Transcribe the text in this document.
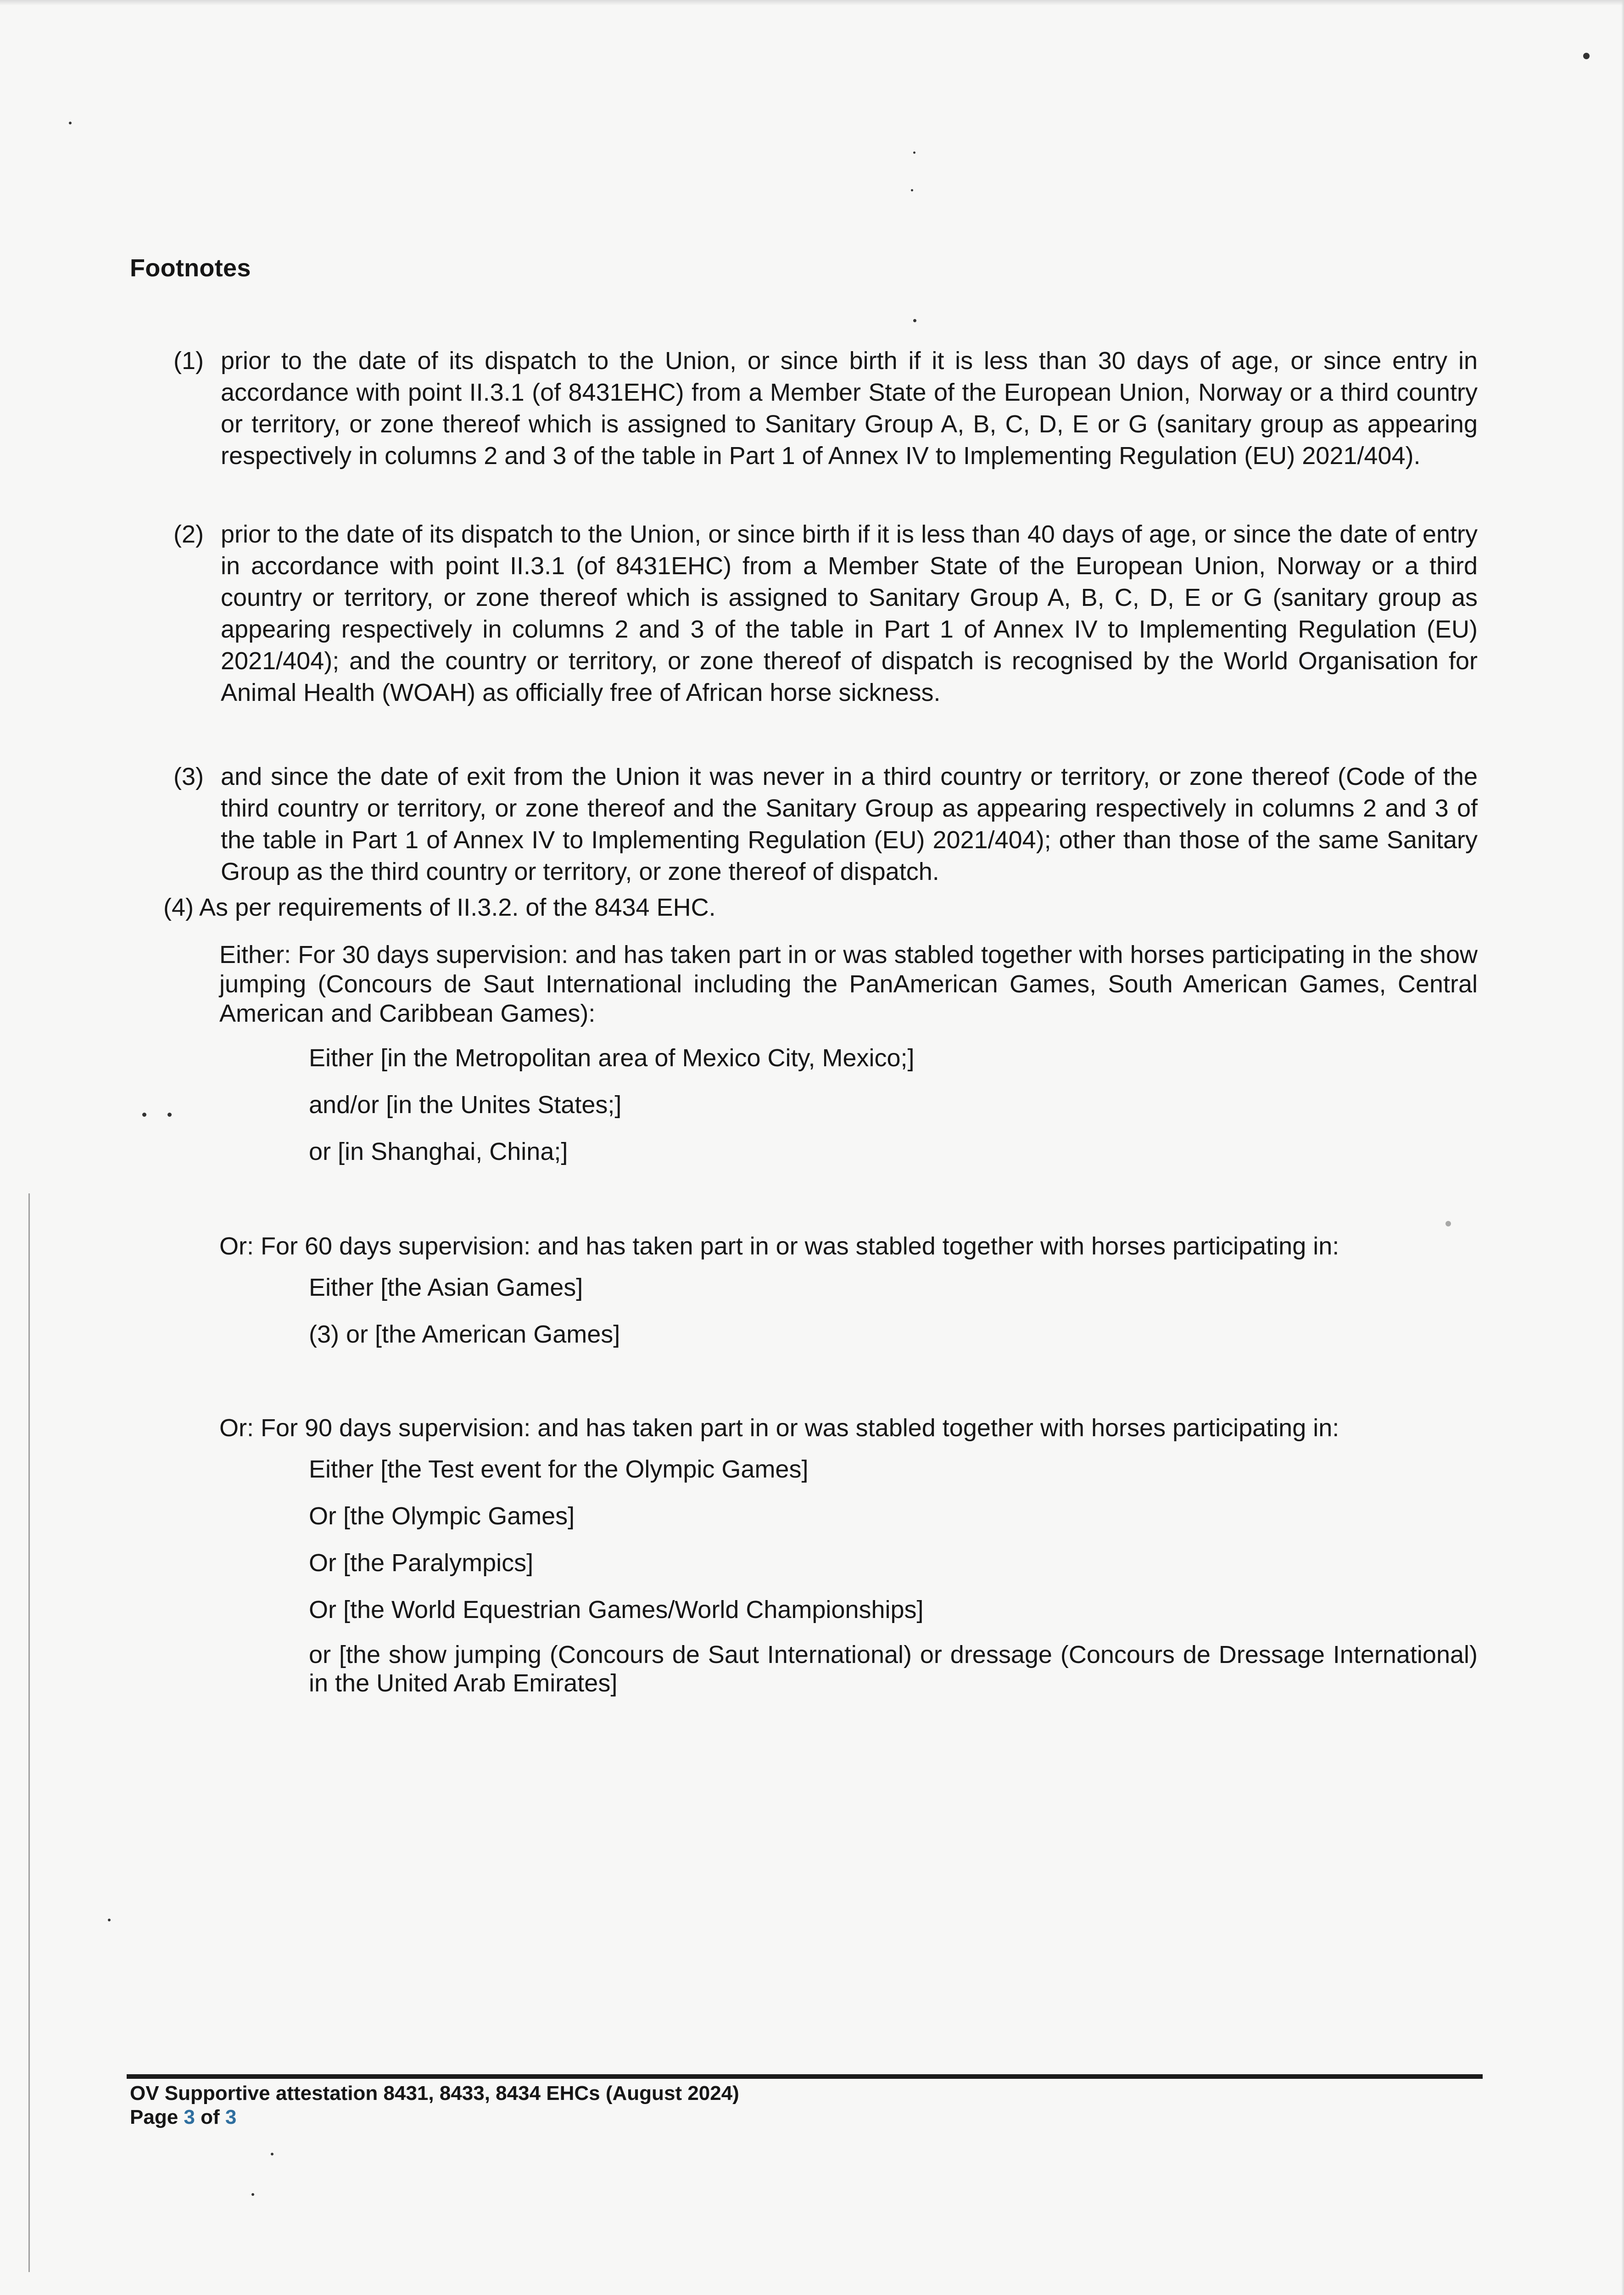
Footnotes
(1) prior to the date of its dispatch to the Union, or since birth if it is less than 30 days of age, or since entry in accordance with point II.3.1 (of 8431EHC) from a Member State of the European Union, Norway or a third country or territory, or zone thereof which is assigned to Sanitary Group A, B, C, D, E or G (sanitary group as appearing respectively in columns 2 and 3 of the table in Part 1 of Annex IV to Implementing Regulation (EU) 2021/404).
(2) prior to the date of its dispatch to the Union, or since birth if it is less than 40 days of age, or since the date of entry in accordance with point II.3.1 (of 8431EHC) from a Member State of the European Union, Norway or a third country or territory, or zone thereof which is assigned to Sanitary Group A, B, C, D, E or G (sanitary group as appearing respectively in columns 2 and 3 of the table in Part 1 of Annex IV to Implementing Regulation (EU) 2021/404); and the country or territory, or zone thereof of dispatch is recognised by the World Organisation for Animal Health (WOAH) as officially free of African horse sickness.
(3) and since the date of exit from the Union it was never in a third country or territory, or zone thereof (Code of the third country or territory, or zone thereof and the Sanitary Group as appearing respectively in columns 2 and 3 of the table in Part 1 of Annex IV to Implementing Regulation (EU) 2021/404); other than those of the same Sanitary Group as the third country or territory, or zone thereof of dispatch.
(4) As per requirements of II.3.2. of the 8434 EHC.
Either: For 30 days supervision: and has taken part in or was stabled together with horses participating in the show jumping (Concours de Saut International including the PanAmerican Games, South American Games, Central American and Caribbean Games):
Either [in the Metropolitan area of Mexico City, Mexico;]
and/or [in the Unites States;]
or [in Shanghai, China;]
Or: For 60 days supervision: and has taken part in or was stabled together with horses participating in:
Either [the Asian Games]
(3) or [the American Games]
Or: For 90 days supervision: and has taken part in or was stabled together with horses participating in:
Either [the Test event for the Olympic Games]
Or [the Olympic Games]
Or [the Paralympics]
Or [the World Equestrian Games/World Championships]
or [the show jumping (Concours de Saut International) or dressage (Concours de Dressage International) in the United Arab Emirates]
OV Supportive attestation 8431, 8433, 8434 EHCs (August 2024)
Page 3 of 3
